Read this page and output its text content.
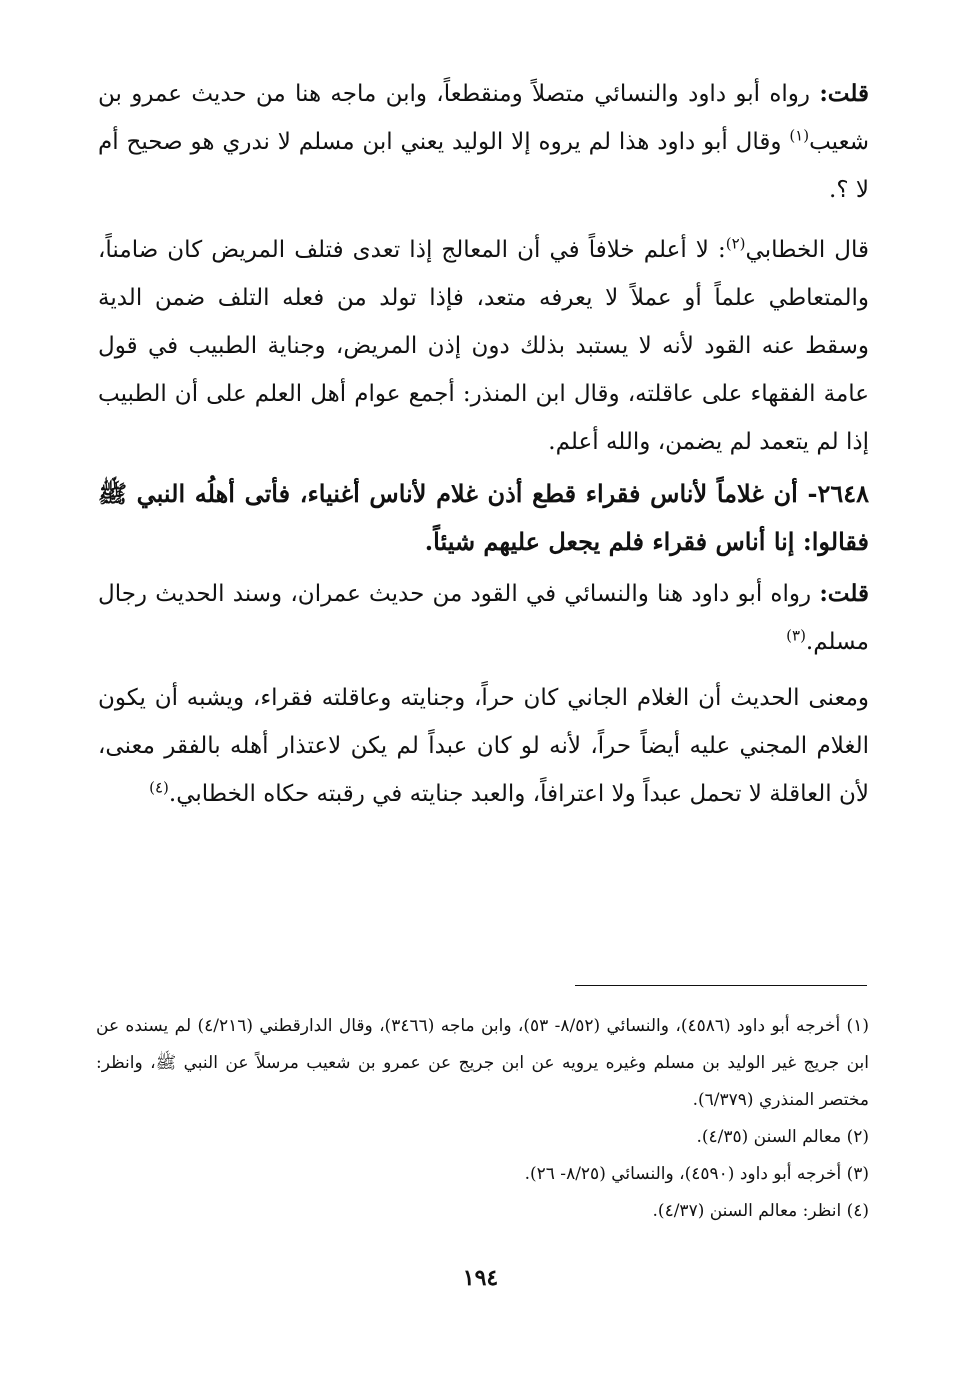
قلت: رواه أبو داود والنسائي متصلاً ومنقطعاً، وابن ماجه هنا من حديث عمرو بن شعيب$^{(١)}$ وقال أبو داود هذا لم يروه إلا الوليد يعني ابن مسلم لا ندري هو صحيح أم لا ؟.

قال الخطابي$^{(٢)}$: لا أعلم خلافاً في أن المعالج إذا تعدى فتلف المريض كان ضامناً، والمتعاطي علماً أو عملاً لا يعرفه متعد، فإذا تولد من فعله التلف ضمن الدية وسقط عنه القود لأنه لا يستبد بذلك دون إذن المريض، وجناية الطبيب في قول عامة الفقهاء على عاقلته، وقال ابن المنذر: أجمع عوام أهل العلم على أن الطبيب إذا لم يتعمد لم يضمن، والله أعلم.

٢٦٤٨- أن غلاماً لأناس فقراء قطع أذن غلام لأناس أغنياء، فأتى أهلُه النبي ﷺ فقالوا: إنا أناس فقراء فلم يجعل عليهم شيئاً.

قلت: رواه أبو داود هنا والنسائي في القود من حديث عمران، وسند الحديث رجال مسلم.$^{(٣)}$

ومعنى الحديث أن الغلام الجاني كان حراً، وجنايته وعاقلته فقراء، ويشبه أن يكون الغلام المجني عليه أيضاً حراً، لأنه لو كان عبداً لم يكن لاعتذار أهله بالفقر معنى، لأن العاقلة لا تحمل عبداً ولا اعترافاً، والعبد جنايته في رقبته حكاه الخطابي.$^{(٤)}$

(١) أخرجه أبو داود (٤٥٨٦)، والنسائي (٨/٥٢- ٥٣)، وابن ماجه (٣٤٦٦)، وقال الدارقطني (٤/٢١٦) لم يسنده عن ابن جريج غير الوليد بن مسلم وغيره يرويه عن ابن جريج عن عمرو بن شعيب مرسلاً عن النبي ﷺ، وانظر: مختصر المنذري (٦/٣٧٩).

(٢) معالم السنن (٤/٣٥).

(٣) أخرجه أبو داود (٤٥٩٠)، والنسائي (٨/٢٥- ٢٦).

(٤) انظر: معالم السنن (٤/٣٧).

١٩٤
